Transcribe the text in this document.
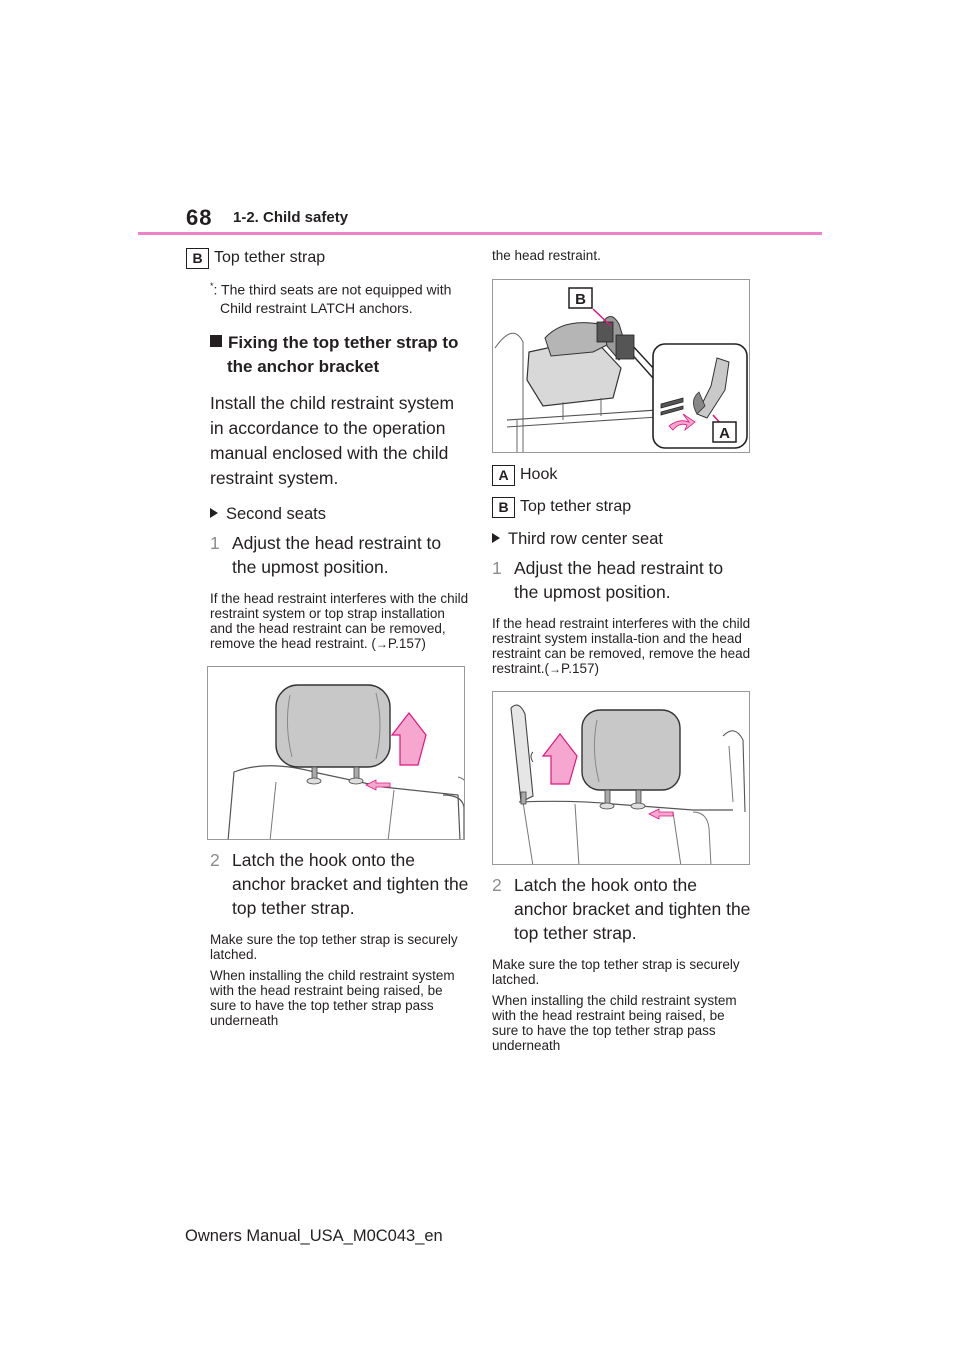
68 1-2. Child safety
B Top tether strap
*: The third seats are not equipped with Child restraint LATCH anchors.
Fixing the top tether strap to the anchor bracket
Install the child restraint system in accordance to the operation manual enclosed with the child restraint system.
Second seats
1 Adjust the head restraint to the upmost position.
If the head restraint interferes with the child restraint system or top strap installation and the head restraint can be removed, remove the head restraint. (→P.157)
2 Latch the hook onto the anchor bracket and tighten the top tether strap.
Make sure the top tether strap is securely latched.
When installing the child restraint system with the head restraint being raised, be sure to have the top tether strap pass underneath
the head restraint.
B
A
A Hook
B Top tether strap
Third row center seat
1 Adjust the head restraint to the upmost position.
If the head restraint interferes with the child restraint system installa-tion and the head restraint can be removed, remove the head restraint.(→P.157)
2 Latch the hook onto the anchor bracket and tighten the top tether strap.
Make sure the top tether strap is securely latched.
When installing the child restraint system with the head restraint being raised, be sure to have the top tether strap pass underneath
Owners Manual_USA_M0C043_en
